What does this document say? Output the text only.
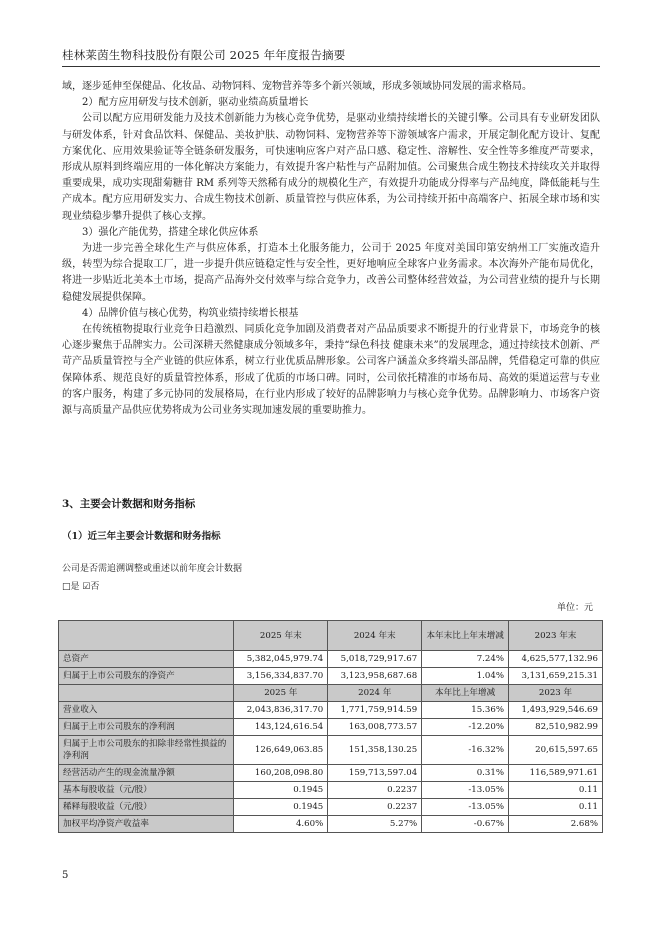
桂林莱茵生物科技股份有限公司 2025 年年度报告摘要

域，逐步延伸至保健品、化妆品、动物饲料、宠物营养等多个新兴领域，形成多领域协同发展的需求格局。

2）配方应用研发与技术创新，驱动业绩高质量增长

公司以配方应用研发能力及技术创新能力为核心竞争优势，是驱动业绩持续增长的关键引擎。公司具有专业研发团队与研发体系，针对食品饮料、保健品、美妆护肤、动物饲料、宠物营养等下游领域客户需求，开展定制化配方设计、复配方案优化、应用效果验证等全链条研发服务，可快速响应客户对产品口感、稳定性、溶解性、安全性等多维度严苛要求，形成从原料到终端应用的一体化解决方案能力，有效提升客户粘性与产品附加值。公司聚焦合成生物技术持续攻关并取得重要成果，成功实现甜菊糖苷 RM 系列等天然稀有成分的规模化生产，有效提升功能成分得率与产品纯度，降低能耗与生产成本。配方应用研发实力、合成生物技术创新、质量管控与供应体系，为公司持续开拓中高端客户、拓展全球市场和实现业绩稳步攀升提供了核心支撑。

3）强化产能优势，搭建全球化供应体系

为进一步完善全球化生产与供应体系，打造本土化服务能力，公司于 2025 年度对美国印第安纳州工厂实施改造升级，转型为综合提取工厂，进一步提升供应链稳定性与安全性，更好地响应全球客户业务需求。本次海外产能布局优化，将进一步贴近北美本土市场，提高产品海外交付效率与综合竞争力，改善公司整体经营效益，为公司营业绩的提升与长期稳健发展提供保障。

4）品牌价值与核心优势，构筑业绩持续增长根基

在传统植物提取行业竞争日趋激烈、同质化竞争加剧及消费者对产品品质要求不断提升的行业背景下，市场竞争的核心逐步聚焦于品牌实力。公司深耕天然健康成分领域多年，秉持“绿色科技 健康未来”的发展理念，通过持续技术创新、严苛产品质量管控与全产业链的供应体系，树立行业优质品牌形象。公司客户涵盖众多终端头部品牌，凭借稳定可靠的供应保障体系、规范良好的质量管控体系，形成了优质的市场口碑。同时，公司依托精准的市场布局、高效的渠道运营与专业的客户服务，构建了多元协同的发展格局，在行业内形成了较好的品牌影响力与核心竞争优势。品牌影响力、市场客户资源与高质量产品供应优势将成为公司业务实现加速发展的重要助推力。

3、主要会计数据和财务指标
（1）近三年主要会计数据和财务指标
公司是否需追溯调整或重述以前年度会计数据
□是 ☑否
单位：元
	2025 年末	2024 年末	本年末比上年末增减	2023 年末
总资产	5,382,045,979.74	5,018,729,917.67	7.24%	4,625,577,132.96
归属于上市公司股东的净资产	3,156,334,837.70	3,123,958,687.68	1.04%	3,131,659,215.31
	2025 年	2024 年	本年比上年增减	2023 年
营业收入	2,043,836,317.70	1,771,759,914.59	15.36%	1,493,929,546.69
归属于上市公司股东的净利润	143,124,616.54	163,008,773.57	-12.20%	82,510,982.99
归属于上市公司股东的扣除非经常性损益的净利润	126,649,063.85	151,358,130.25	-16.32%	20,615,597.65
经营活动产生的现金流量净额	160,208,098.80	159,713,597.04	0.31%	116,589,971.61
基本每股收益（元/股）	0.1945	0.2237	-13.05%	0.11
稀释每股收益（元/股）	0.1945	0.2237	-13.05%	0.11
加权平均净资产收益率	4.60%	5.27%	-0.67%	2.68%
5
